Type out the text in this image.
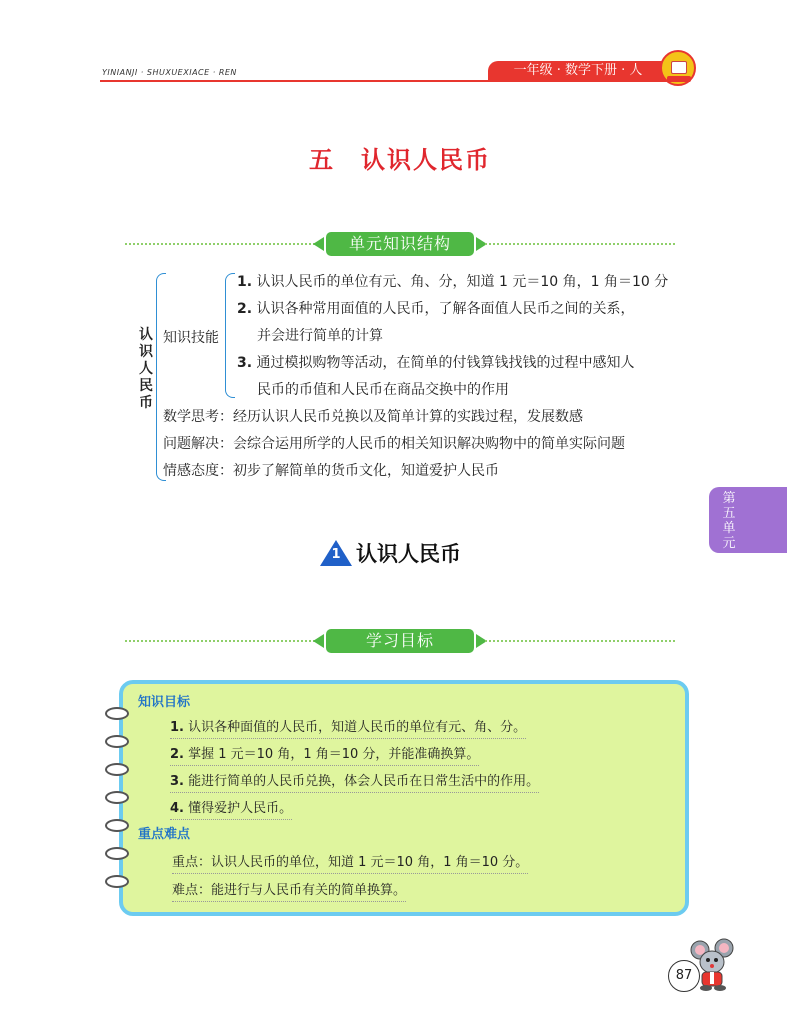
YINIANJI · SHUXUEXIACE · REN	一年级 · 数学下册 · 人
五　认识人民币
单元知识结构
认识人民币
知识技能
1. 认识人民币的单位有元、角、分，知道 1 元＝10 角，1 角＝10 分
2. 认识各种常用面值的人民币，了解各面值人民币之间的关系，
并会进行简单的计算
3. 通过模拟购物等活动，在简单的付钱算钱找钱的过程中感知人
民币的币值和人民币在商品交换中的作用
数学思考：经历认识人民币兑换以及简单计算的实践过程，发展数感
问题解决：会综合运用所学的人民币的相关知识解决购物中的简单实际问题
情感态度：初步了解简单的货币文化，知道爱护人民币
第五单元
1 认识人民币
学习目标
知识目标
1. 认识各种面值的人民币，知道人民币的单位有元、角、分。
2. 掌握 1 元＝10 角，1 角＝10 分，并能准确换算。
3. 能进行简单的人民币兑换，体会人民币在日常生活中的作用。
4. 懂得爱护人民币。
重点难点
重点：认识人民币的单位，知道 1 元＝10 角，1 角＝10 分。
难点：能进行与人民币有关的简单换算。
87
